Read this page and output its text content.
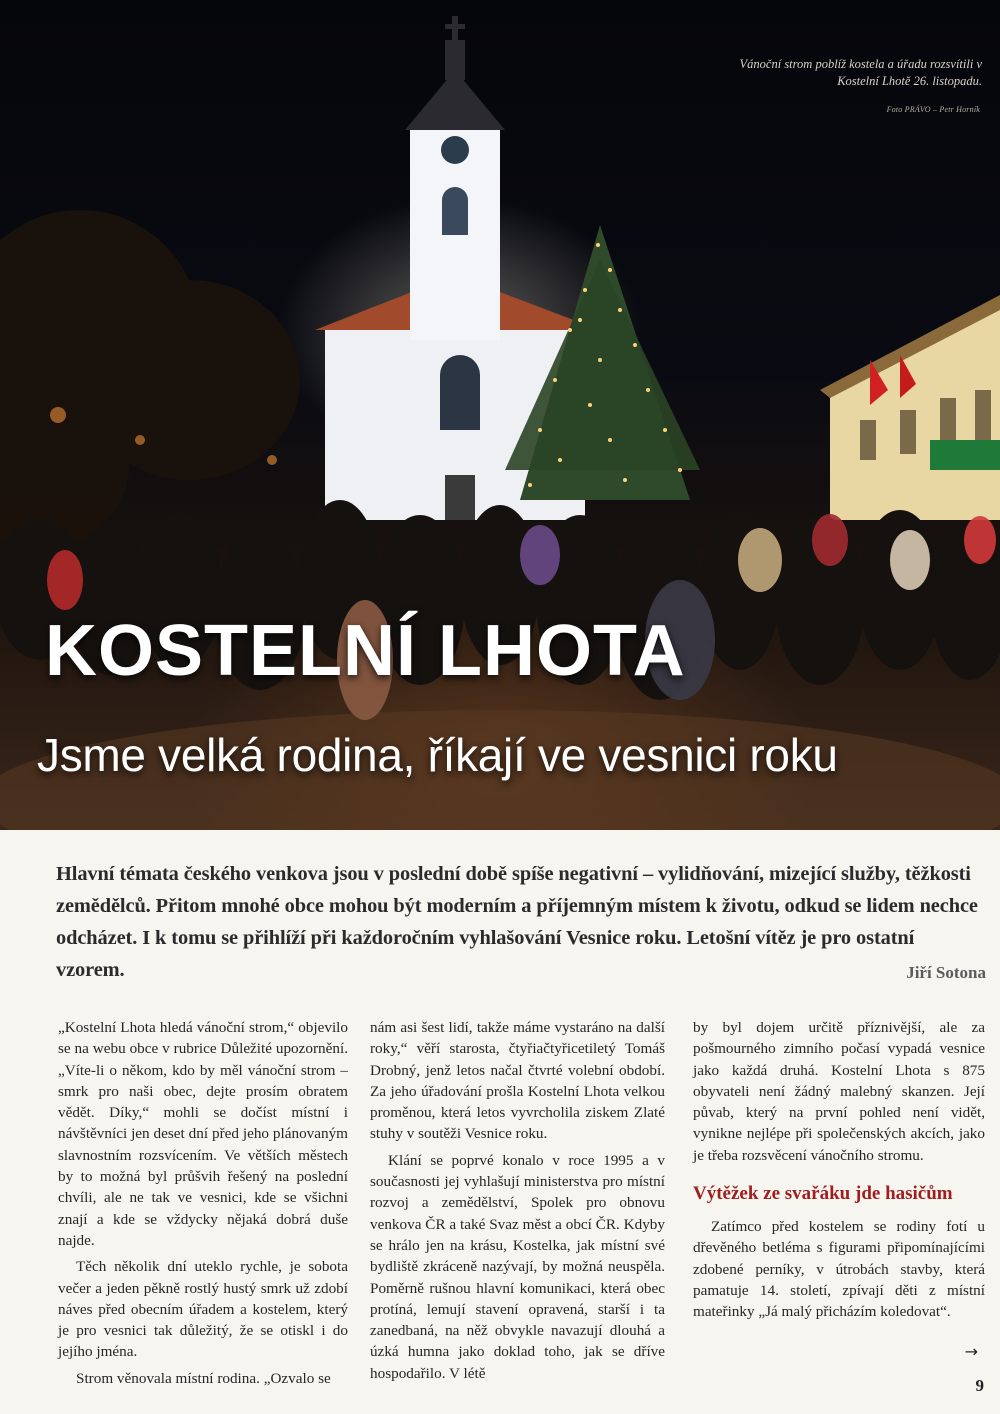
Vánoční strom poblíž kostela a úřadu rozsvítili v Kostelní Lhotě 26. listopadu.
Foto PRÁVO – Petr Horník
KOSTELNÍ LHOTA
Jsme velká rodina, říkají ve vesnici roku

Hlavní témata českého venkova jsou v poslední době spíše negativní – vylidňování, mizející služby, těžkosti zemědělců. Přitom mnohé obce mohou být moderním a příjemným místem k životu, odkud se lidem nechce odcházet. I k tomu se přihlíží při každoročním vyhlašování Vesnice roku. Letošní vítěz je pro ostatní vzorem.	Jiří Sotona

„Kostelní Lhota hledá vánoční strom,“ objevilo se na webu obce v rubrice Důležité upozornění. „Víte-li o někom, kdo by měl vánoční strom – smrk pro naši obec, dejte prosím obratem vědět. Díky,“ mohli se dočíst místní i návštěvníci jen deset dní před jeho plánovaným slavnostním rozsvícením. Ve větších městech by to možná byl průšvih řešený na poslední chvíli, ale ne tak ve vesnici, kde se všichni znají a kde se vždycky nějaká dobrá duše najde.

Těch několik dní uteklo rychle, je sobota večer a jeden pěkně rostlý hustý smrk už zdobí náves před obecním úřadem a kostelem, který je pro vesnici tak důležitý, že se otiskl i do jejího jména.

Strom věnovala místní rodina. „Ozvalo se

nám asi šest lidí, takže máme vystaráno na další roky,“ věří starosta, čtyřiačtyřicetiletý Tomáš Drobný, jenž letos načal čtvrté volební období. Za jeho úřadování prošla Kostelní Lhota velkou proměnou, která letos vyvrcholila ziskem Zlaté stuhy v soutěži Vesnice roku.

Klání se poprvé konalo v roce 1995 a v současnosti jej vyhlašují ministerstva pro místní rozvoj a zemědělství, Spolek pro obnovu venkova ČR a také Svaz měst a obcí ČR. Kdyby se hrálo jen na krásu, Kostelka, jak místní své bydliště zkráceně nazývají, by možná neuspěla. Poměrně rušnou hlavní komunikaci, která obec protíná, lemují stavení opravená, starší i ta zanedbaná, na něž obvykle navazují dlouhá a úzká humna jako doklad toho, jak se dříve hospodařilo. V létě

by byl dojem určitě příznivější, ale za pošmourného zimního počasí vypadá vesnice jako každá druhá. Kostelní Lhota s 875 obyvateli není žádný malebný skanzen. Její půvab, který na první pohled není vidět, vynikne nejlépe při společenských akcích, jako je třeba rozsvěcení vánočního stromu.

Výtěžek ze svařáku jde hasičům

Zatímco před kostelem se rodiny fotí u dřevěného betléma s figurami připomínajícími zdobené perníky, v útrobách stavby, která pamatuje 14. století, zpívají děti z místní mateřinky „Já malý přicházím koledovat“.

→
9
